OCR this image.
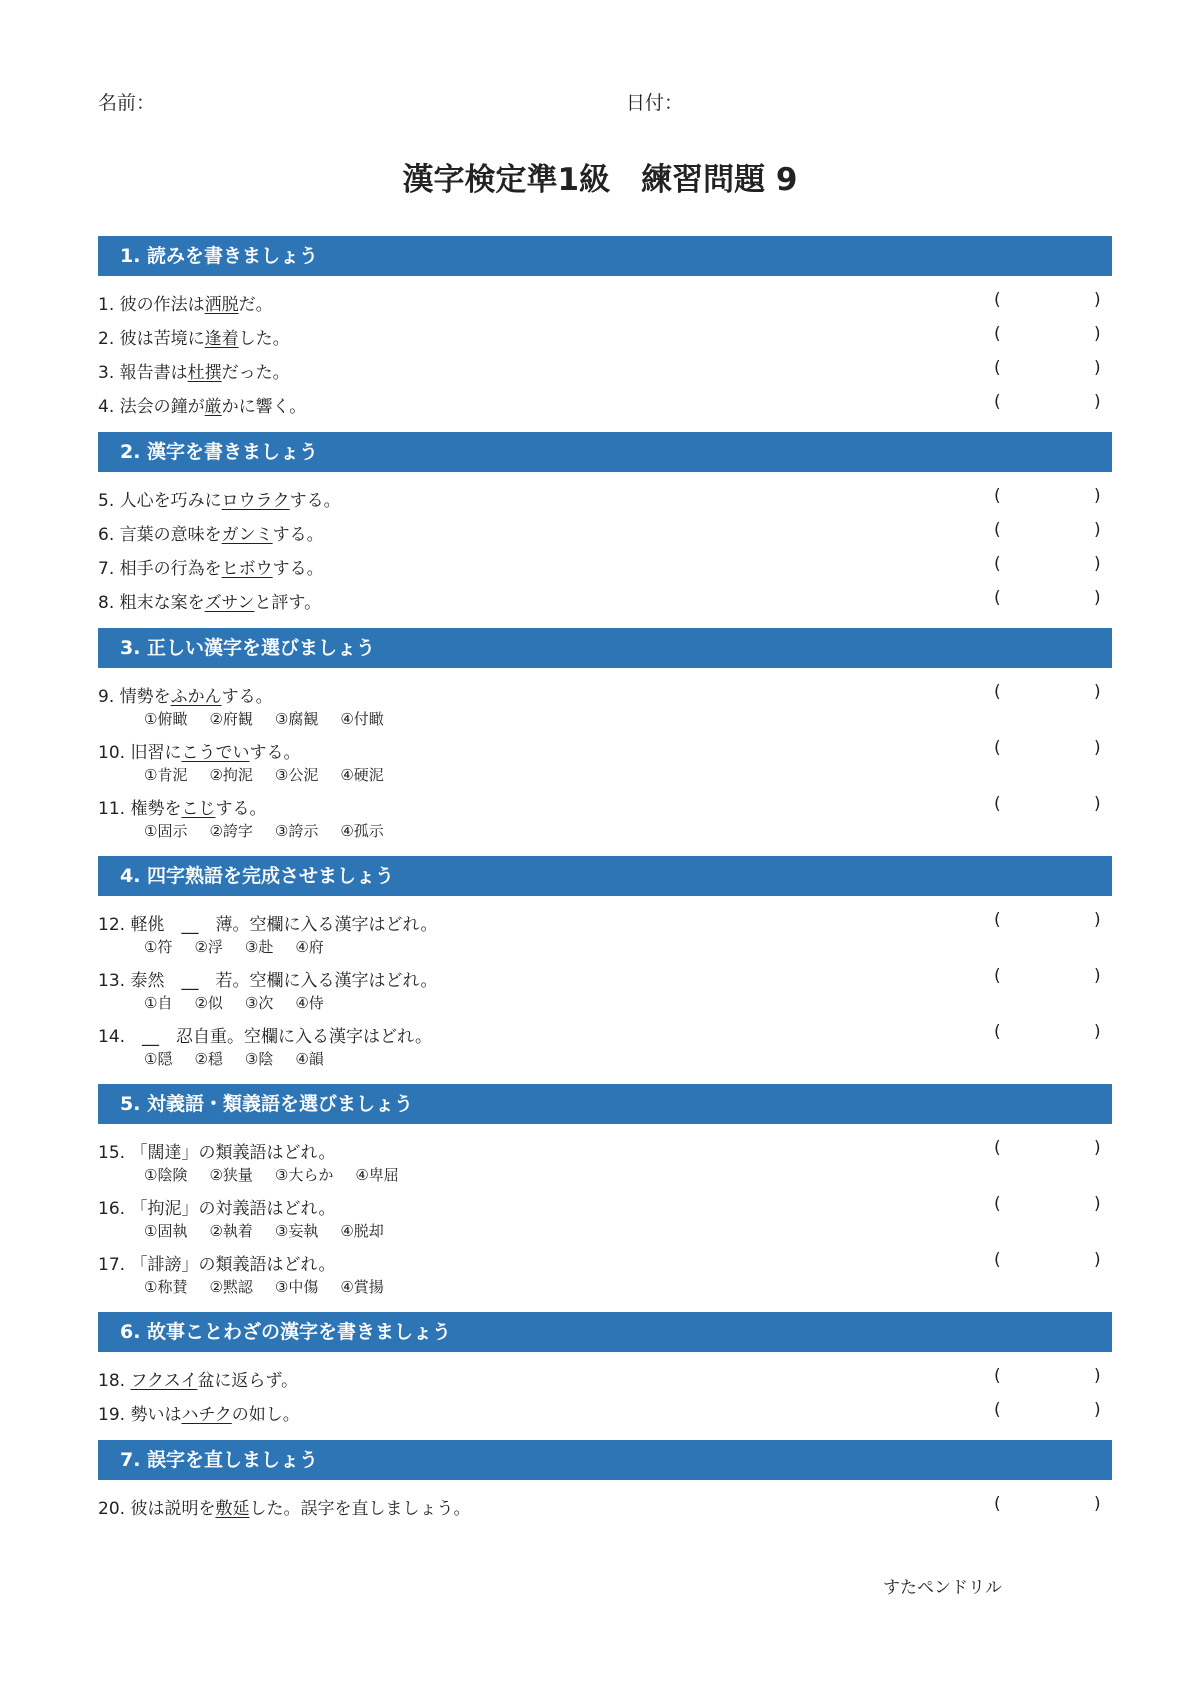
名前：	日付：
漢字検定準1級　練習問題 9
1. 読みを書きましょう
1. 彼の作法は洒脱だ。	(	)
2. 彼は苦境に逢着した。	(	)
3. 報告書は杜撰だった。	(	)
4. 法会の鐘が厳かに響く。	(	)
2. 漢字を書きましょう
5. 人心を巧みにロウラクする。	(	)
6. 言葉の意味をガンミする。	(	)
7. 相手の行為をヒボウする。	(	)
8. 粗末な案をズサンと評す。	(	)
3. 正しい漢字を選びましょう
9. 情勢をふかんする。	(	)
①俯瞰 ②府観 ③腐観 ④付瞰
10. 旧習にこうでいする。	(	)
①肯泥 ②拘泥 ③公泥 ④硬泥
11. 権勢をこじする。	(	)
①固示 ②誇字 ③誇示 ④孤示
4. 四字熟語を完成させましょう
12. 軽佻　__　薄。空欄に入る漢字はどれ。	(	)
①符 ②浮 ③赴 ④府
13. 泰然　__　若。空欄に入る漢字はどれ。	(	)
①自 ②似 ③次 ④侍
14.　__　忍自重。空欄に入る漢字はどれ。	(	)
①隠 ②穏 ③陰 ④韻
5. 対義語・類義語を選びましょう
15. 「闊達」の類義語はどれ。	(	)
①陰険 ②狭量 ③大らか ④卑屈
16. 「拘泥」の対義語はどれ。	(	)
①固執 ②執着 ③妄執 ④脱却
17. 「誹謗」の類義語はどれ。	(	)
①称賛 ②黙認 ③中傷 ④賞揚
6. 故事ことわざの漢字を書きましょう
18. フクスイ盆に返らず。	(	)
19. 勢いはハチクの如し。	(	)
7. 誤字を直しましょう
20. 彼は説明を敷延した。誤字を直しましょう。	(	)
すたペンドリル
